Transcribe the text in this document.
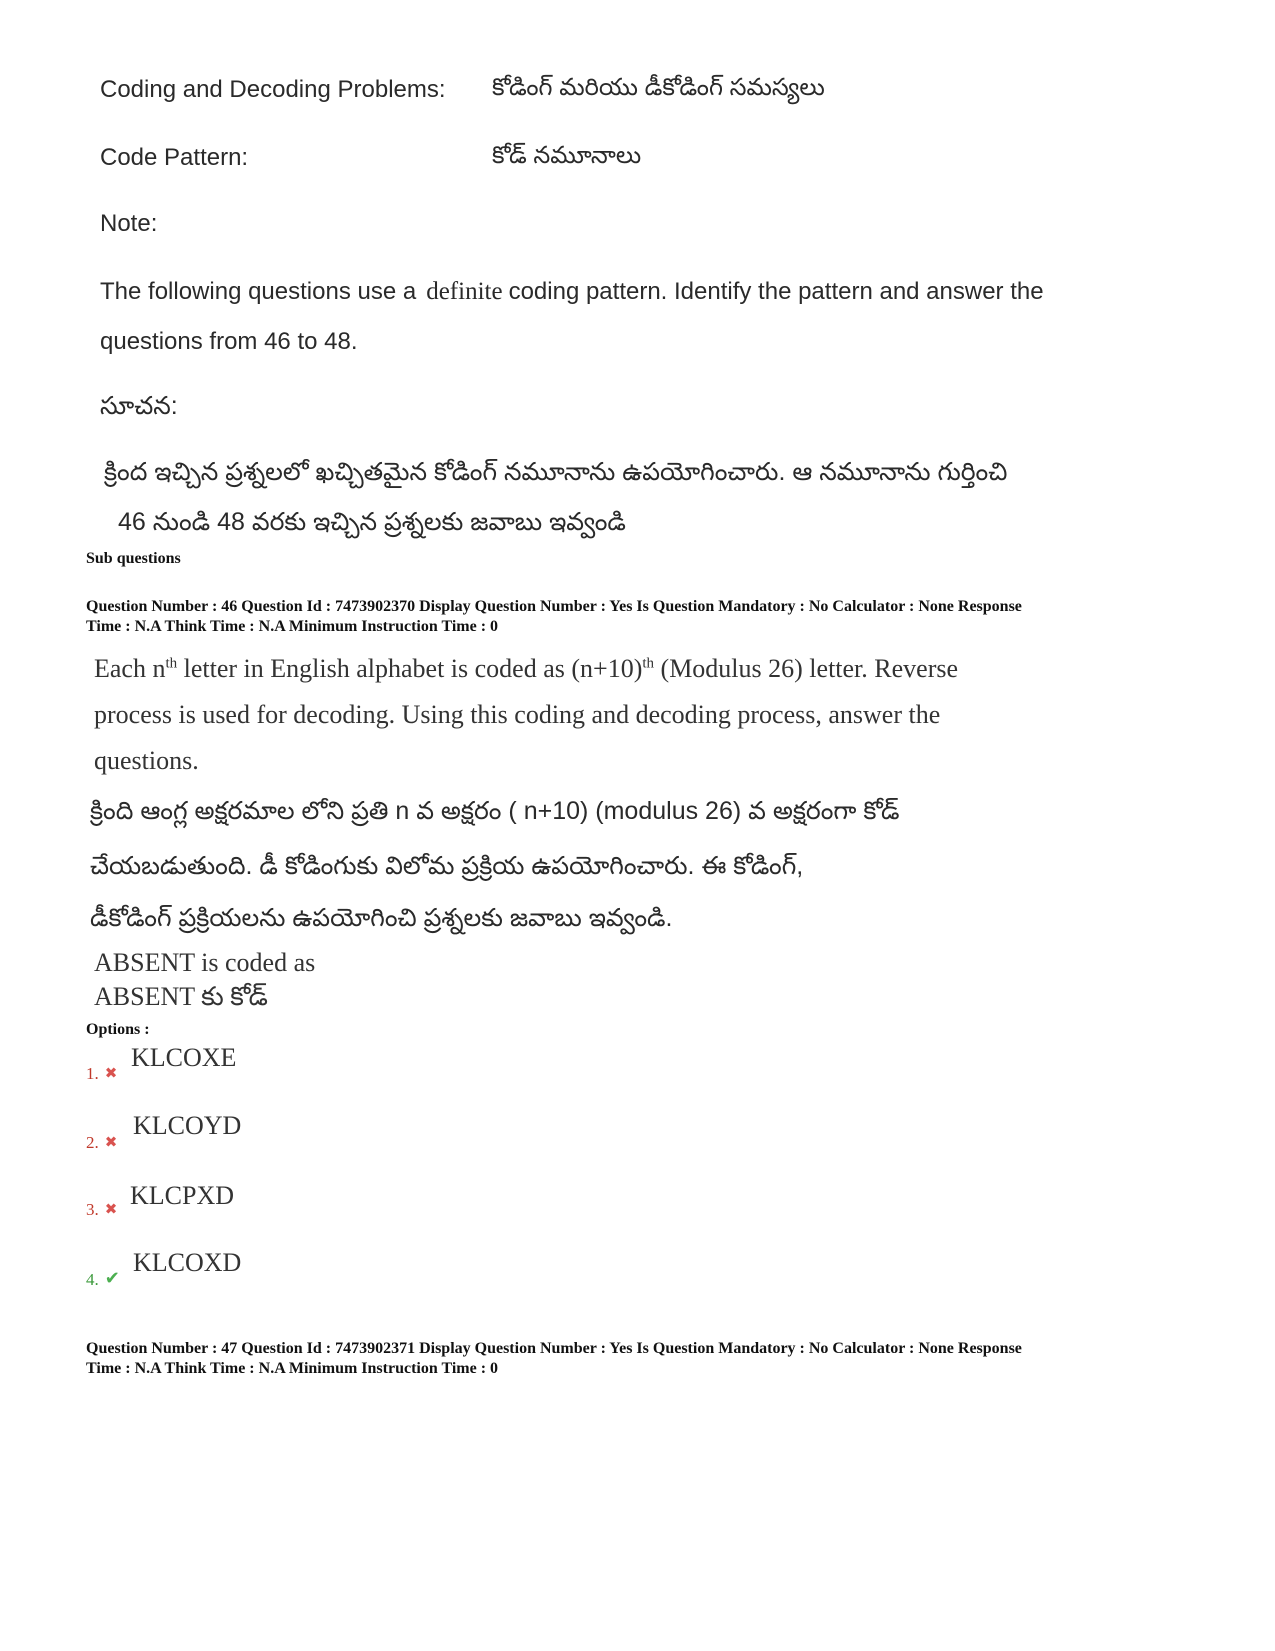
Coding and Decoding Problems: కోడింగ్ మరియు డీకోడింగ్ సమస్యలు
Code Pattern:	కోడ్ నమూనాలు
Note:
The following questions use a definite coding pattern. Identify the pattern and answer the
questions from 46 to 48.
సూచన:
క్రింద ఇచ్చిన ప్రశ్నలలో ఖచ్చితమైన కోడింగ్ నమూనాను ఉపయోగించారు. ఆ నమూనాను గుర్తించి
46 నుండి 48 వరకు ఇచ్చిన ప్రశ్నలకు జవాబు ఇవ్వండి
Sub questions
Question Number : 46 Question Id : 7473902370 Display Question Number : Yes Is Question Mandatory : No Calculator : None Response
Time : N.A Think Time : N.A Minimum Instruction Time : 0
Each $n^{th}$ letter in English alphabet is coded as $(n+10)^{th}$ (Modulus 26) letter. Reverse
process is used for decoding. Using this coding and decoding process, answer the
questions.
క్రింది ఆంగ్ల అక్షరమాల లోని ప్రతి n వ అక్షరం ( n+10) (modulus 26) వ అక్షరంగా కోడ్
చేయబడుతుంది. డీ కోడింగుకు విలోమ ప్రక్రియ ఉపయోగించారు. ఈ కోడింగ్,
డీకోడింగ్ ప్రక్రియలను ఉపయోగించి ప్రశ్నలకు జవాబు ఇవ్వండి.
ABSENT is coded as
ABSENT కు కోడ్
Options :
1. ✖
KLCOXE
2. ✖
KLCOYD
3. ✖ KLCPXD
4. ✔
KLCOXD
Question Number : 47 Question Id : 7473902371 Display Question Number : Yes Is Question Mandatory : No Calculator : None Response
Time : N.A Think Time : N.A Minimum Instruction Time : 0
